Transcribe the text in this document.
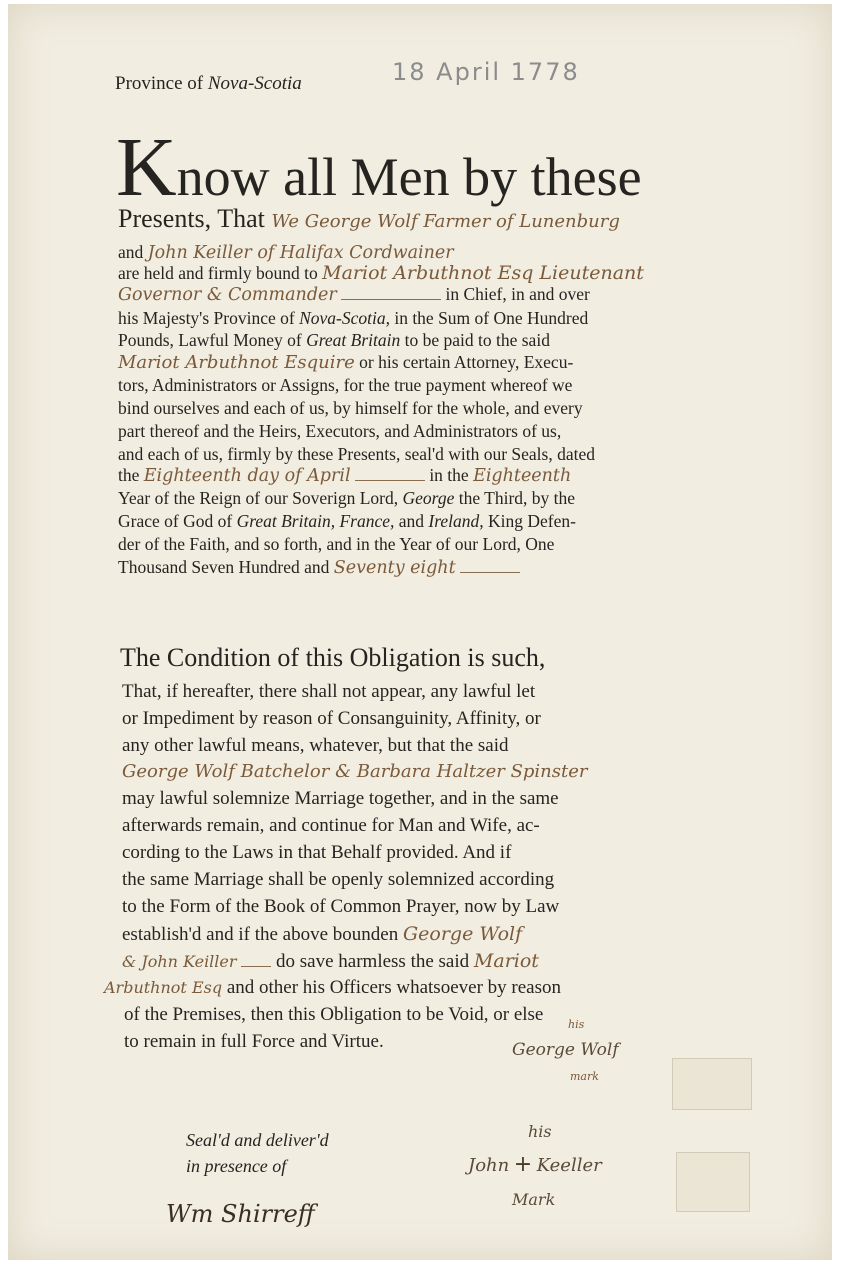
Province of Nova-Scotia	18 April 1778
Know all Men by these
Presents, That We George Wolf Farmer of Lunenburg
and John Keiller of Halifax Cordwainer
are held and firmly bound to Mariot Arbuthnot Esq Lieutenant
Governor & Commander	in Chief, in and over
his Majesty's Province of Nova-Scotia, in the Sum of One Hundred
Pounds, Lawful Money of Great Britain to be paid to the said
Mariot Arbuthnot Esquire or his certain Attorney, Execu-
tors, Administrators or Assigns, for the true payment whereof we
bind ourselves and each of us, by himself for the whole, and every
part thereof and the Heirs, Executors, and Administrators of us,
and each of us, firmly by these Presents, seal'd with our Seals, dated
the Eighteenth day of April	in the Eighteenth
Year of the Reign of our Soverign Lord, George the Third, by the
Grace of God of Great Britain, France, and Ireland, King Defen-
der of the Faith, and so forth, and in the Year of our Lord, One
Thousand Seven Hundred and Seventy eight
The Condition of this Obligation is such,
That, if hereafter, there shall not appear, any lawful let
or Impediment by reason of Consanguinity, Affinity, or
any other lawful means, whatever, but that the said
George Wolf Batchelor & Barbara Haltzer Spinster
may lawful solemnize Marriage together, and in the same
afterwards remain, and continue for Man and Wife, ac-
cording to the Laws in that Behalf provided. And if
the same Marriage shall be openly solemnized according
to the Form of the Book of Common Prayer, now by Law
establish'd and if the above bounden George Wolf
& John Keiller do save harmless the said Mariot
Arbuthnot Esq and other his Officers whatsoever by reason
of the Premises, then this Obligation to be Void, or else
to remain in full Force and Virtue.
his
George Wolf
mark
Seal'd and deliver'd
in presence of
Wm Shirreff
his
John + Keeller
Mark
